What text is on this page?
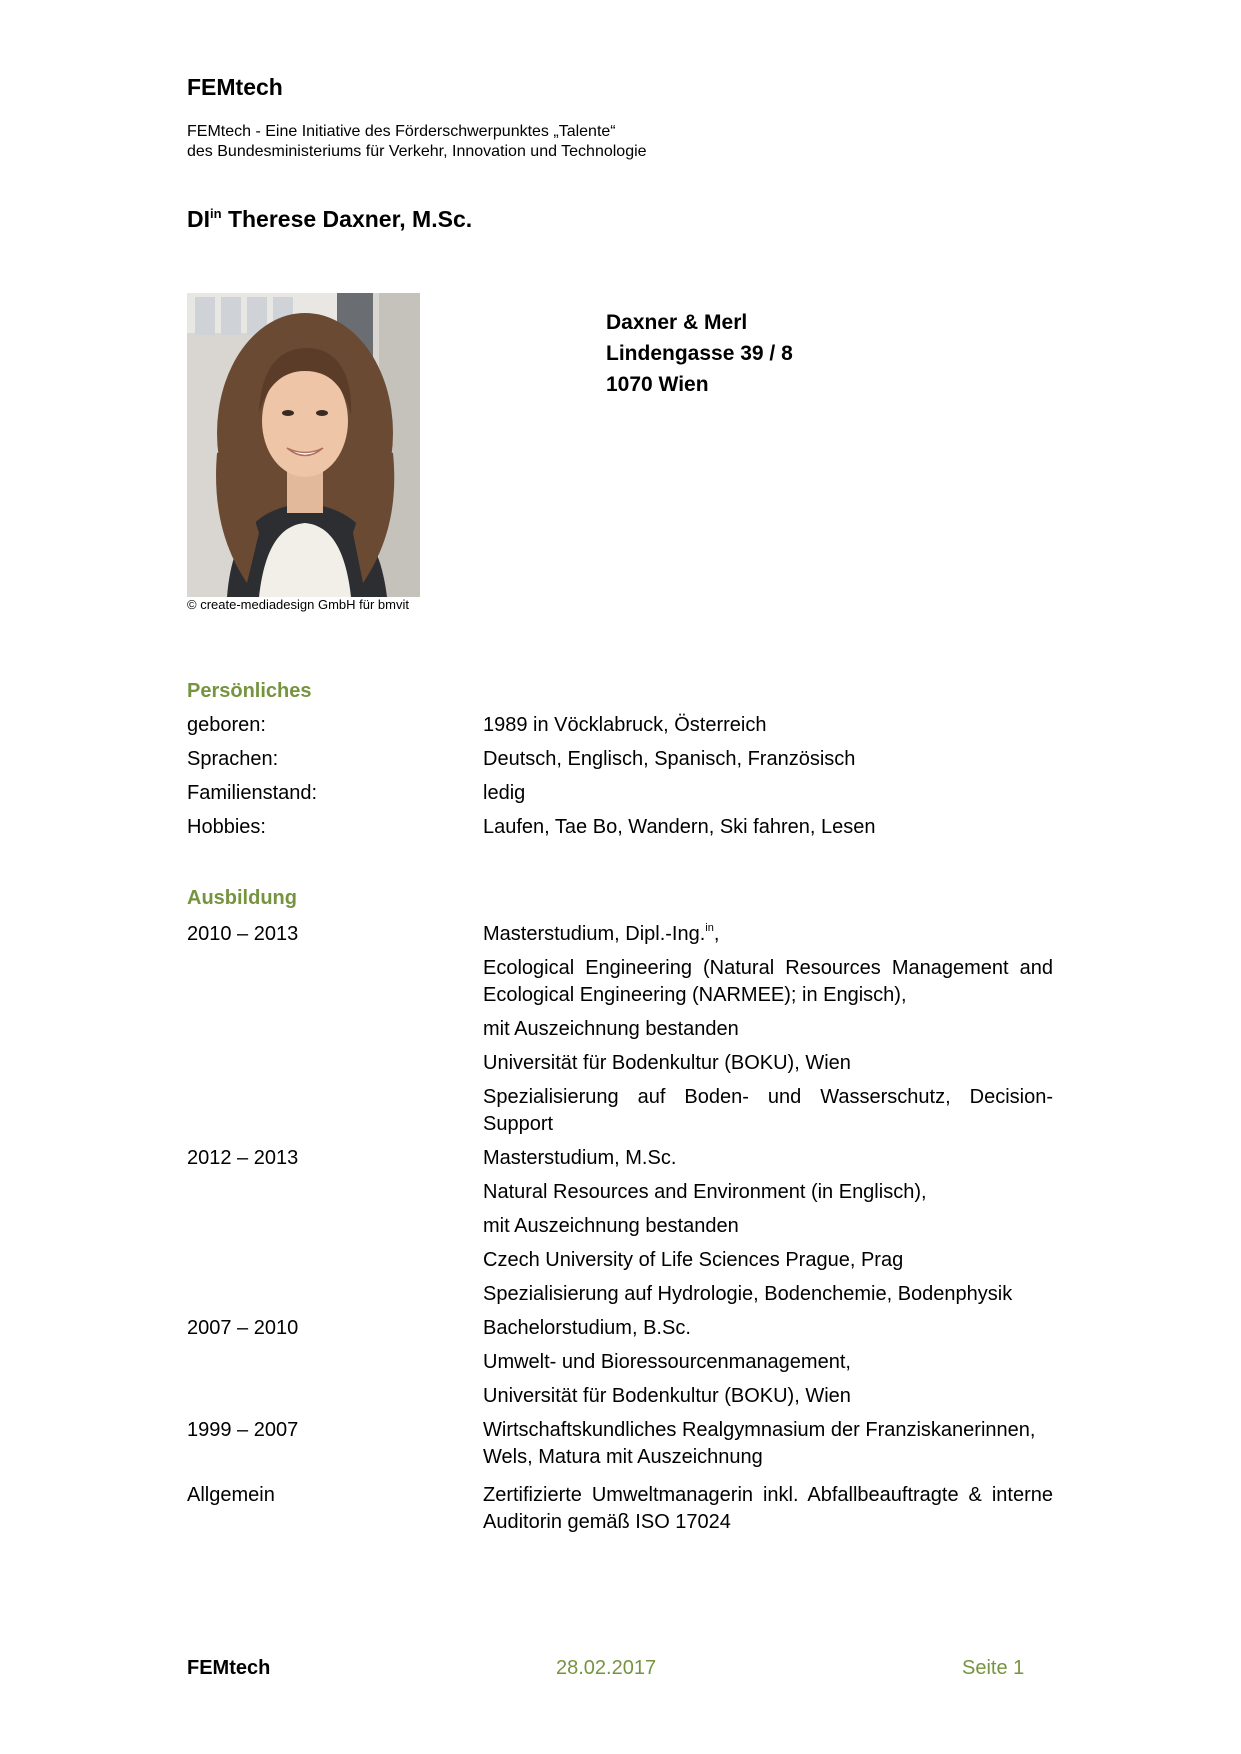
FEMtech
FEMtech - Eine Initiative des Förderschwerpunktes „Talente“
des Bundesministeriums für Verkehr, Innovation und Technologie
$DI^{in}$ Therese Daxner, M.Sc.
© create-mediadesign GmbH für bmvit
Daxner & Merl
Lindengasse 39 / 8
1070 Wien
Persönliches
geboren:	1989 in Vöcklabruck, Österreich
Sprachen:	Deutsch, Englisch, Spanisch, Französisch
Familienstand:	ledig
Hobbies:	Laufen, Tae Bo, Wandern, Ski fahren, Lesen
Ausbildung
2010 – 2013	Masterstudium, Dipl.-Ing.$^{in}$,
Ecological Engineering (Natural Resources Management and Ecological Engineering (NARMEE); in Engisch),
mit Auszeichnung bestanden
Universität für Bodenkultur (BOKU), Wien
Spezialisierung auf Boden- und Wasserschutz, Decision-Support
2012 – 2013	Masterstudium, M.Sc.
Natural Resources and Environment (in Englisch),
mit Auszeichnung bestanden
Czech University of Life Sciences Prague, Prag
Spezialisierung auf Hydrologie, Bodenchemie, Bodenphysik
2007 – 2010	Bachelorstudium, B.Sc.
Umwelt- und Bioressourcenmanagement,
Universität für Bodenkultur (BOKU), Wien
1999 – 2007	Wirtschaftskundliches Realgymnasium der Franziskanerinnen, Wels, Matura mit Auszeichnung
Allgemein	Zertifizierte Umweltmanagerin inkl. Abfallbeauftragte & interne Auditorin gemäß ISO 17024
FEMtech	28.02.2017	Seite 1
